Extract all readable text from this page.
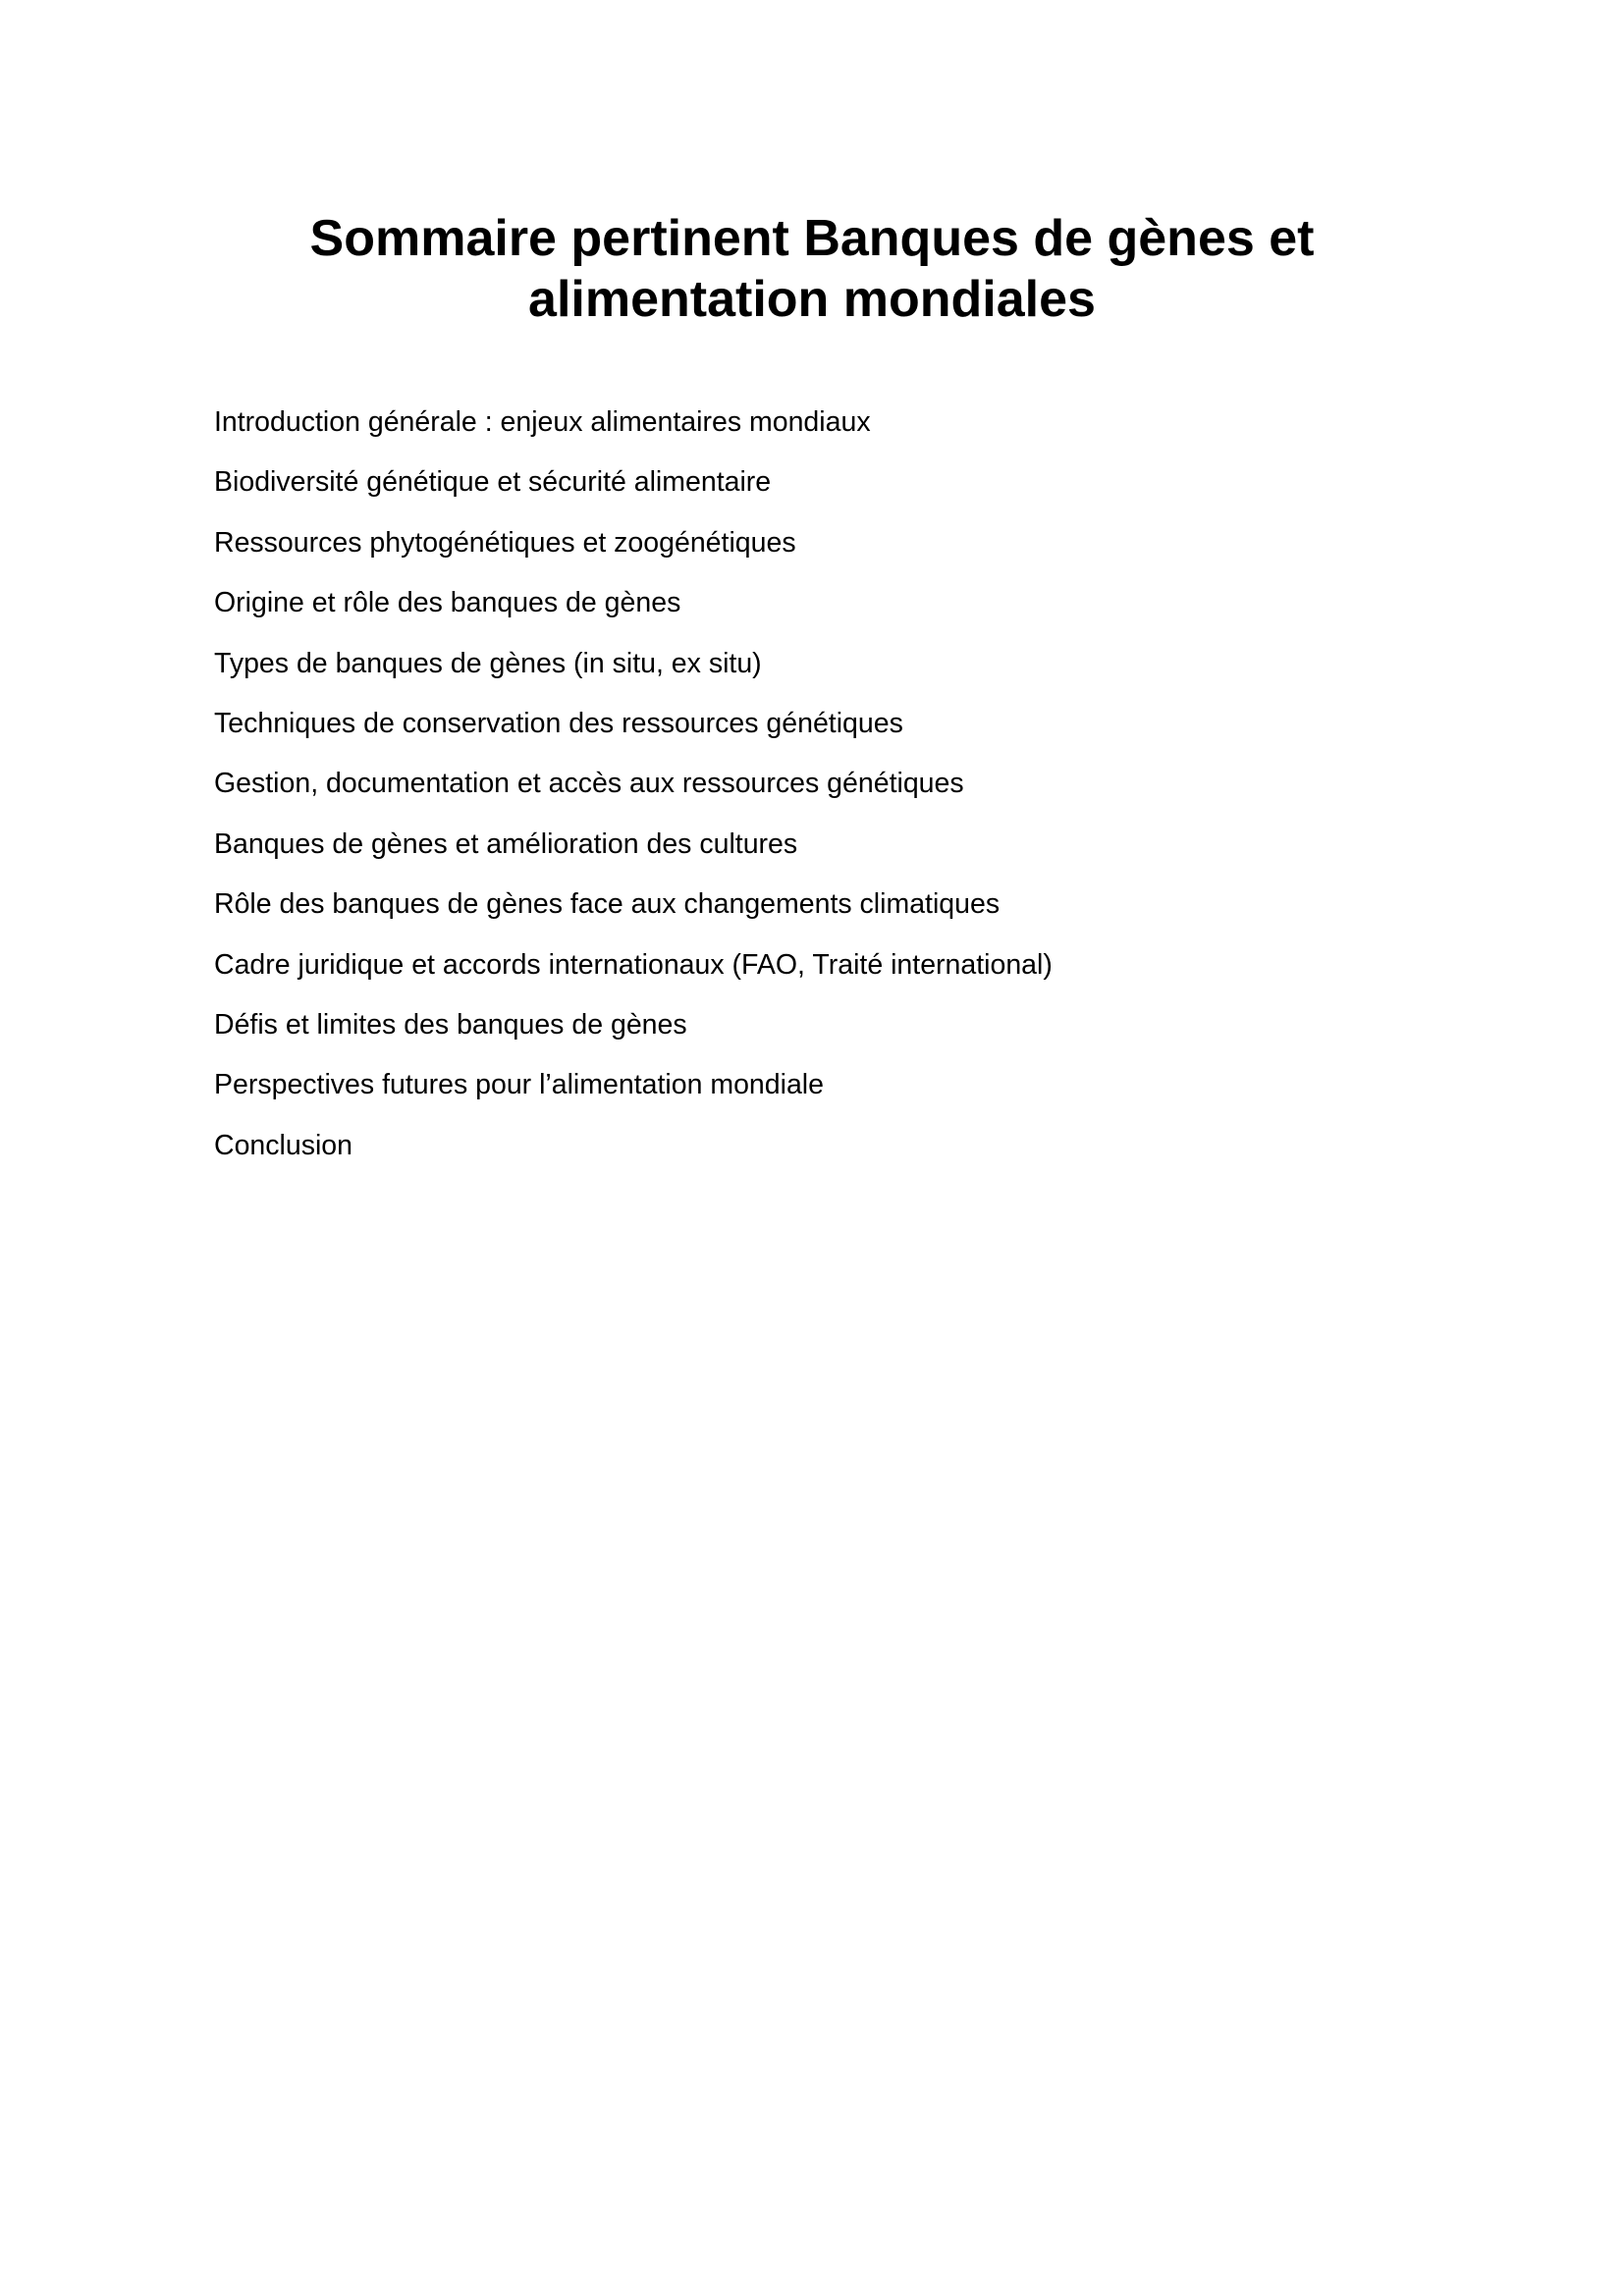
Sommaire pertinent Banques de gènes et alimentation mondiales
Introduction générale : enjeux alimentaires mondiaux
Biodiversité génétique et sécurité alimentaire
Ressources phytogénétiques et zoogénétiques
Origine et rôle des banques de gènes
Types de banques de gènes (in situ, ex situ)
Techniques de conservation des ressources génétiques
Gestion, documentation et accès aux ressources génétiques
Banques de gènes et amélioration des cultures
Rôle des banques de gènes face aux changements climatiques
Cadre juridique et accords internationaux (FAO, Traité international)
Défis et limites des banques de gènes
Perspectives futures pour l’alimentation mondiale
Conclusion
